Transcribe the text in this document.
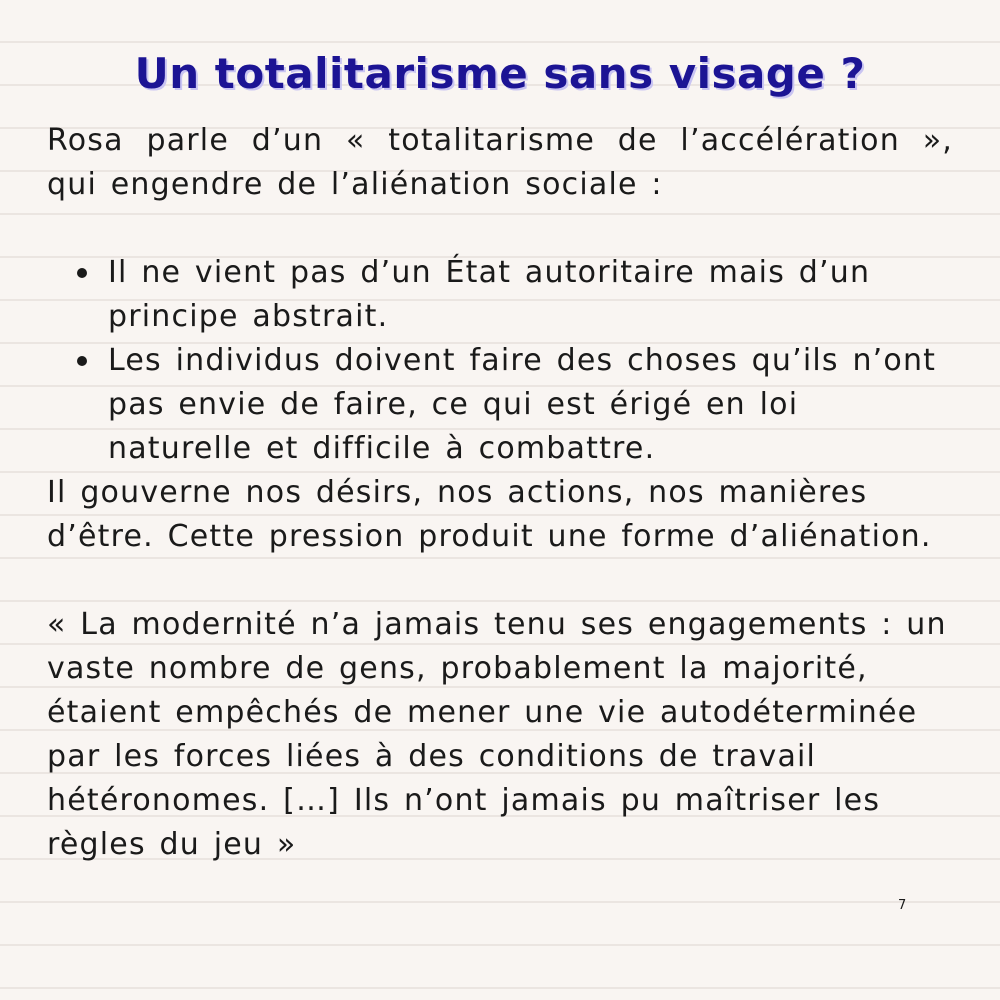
Un totalitarisme sans visage ?

Rosa parle d’un « totalitarisme de l’accélération », qui engendre de l’aliénation sociale :

Il ne vient pas d’un État autoritaire mais d’un principe abstrait.
Les individus doivent faire des choses qu’ils n’ont pas envie de faire, ce qui est érigé en loi naturelle et difficile à combattre.

Il gouverne nos désirs, nos actions, nos manières d’être. Cette pression produit une forme d’aliénation.

« La modernité n’a jamais tenu ses engagements : un vaste nombre de gens, probablement la majorité, étaient empêchés de mener une vie autodéterminée par les forces liées à des conditions de travail hétéronomes. […] Ils n’ont jamais pu maîtriser les règles du jeu »

7
